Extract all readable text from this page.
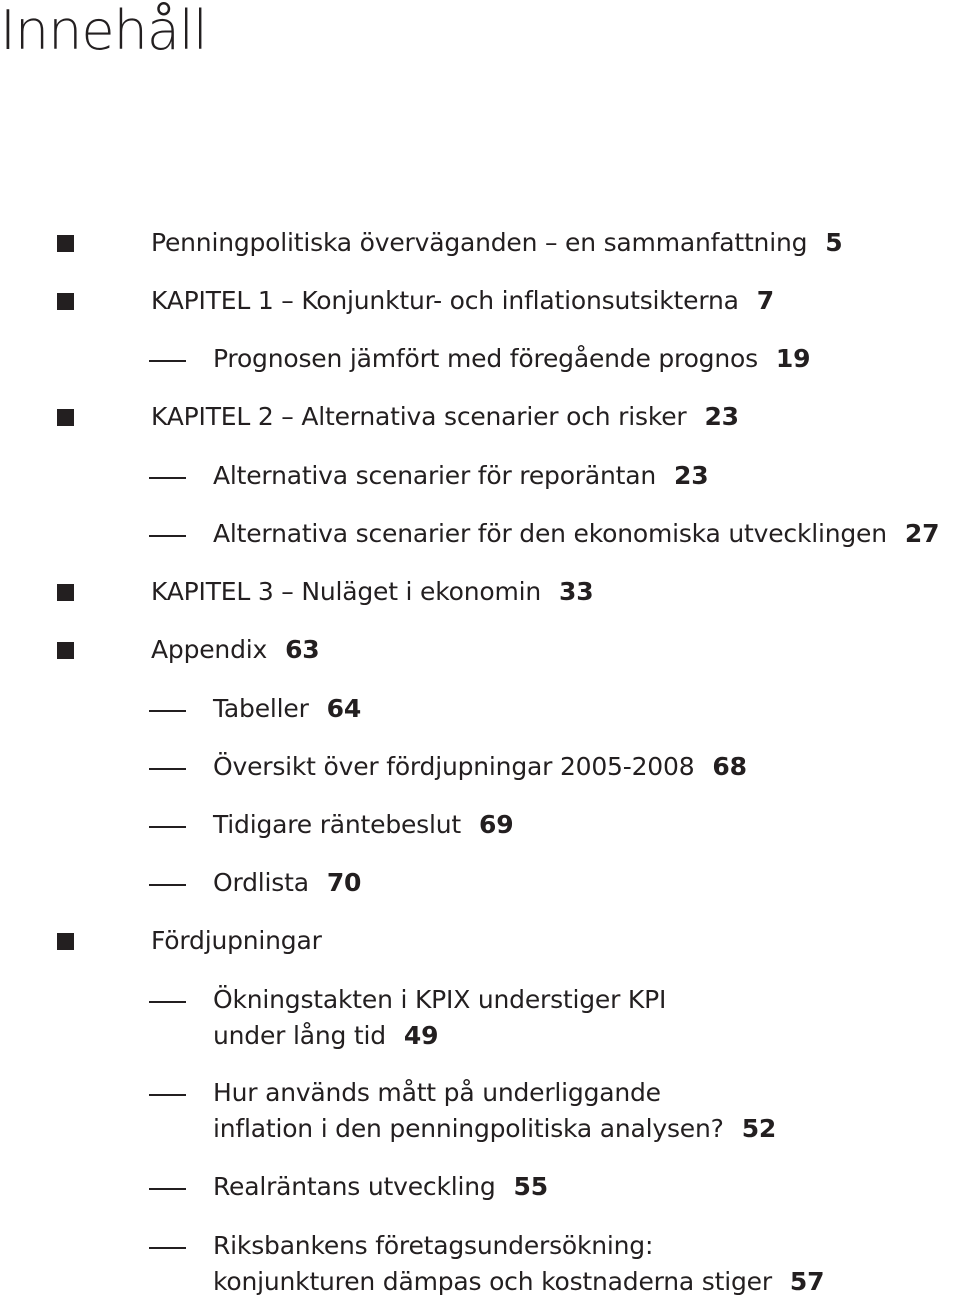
Innehåll
Penningpolitiska överväganden – en sammanfattning 5
KAPITEL 1 – Konjunktur- och inflationsutsikterna 7
Prognosen jämfört med föregående prognos 19
KAPITEL 2 – Alternativa scenarier och risker 23
Alternativa scenarier för reporäntan 23
Alternativa scenarier för den ekonomiska utvecklingen 27
KAPITEL 3 – Nuläget i ekonomin 33
Appendix 63
Tabeller 64
Översikt över fördjupningar 2005-2008 68
Tidigare räntebeslut 69
Ordlista 70
Fördjupningar
Ökningstakten i KPIX understiger KPI
under lång tid 49
Hur används mått på underliggande
inflation i den penningpolitiska analysen? 52
Realräntans utveckling 55
Riksbankens företagsundersökning:
konjunkturen dämpas och kostnaderna stiger 57
